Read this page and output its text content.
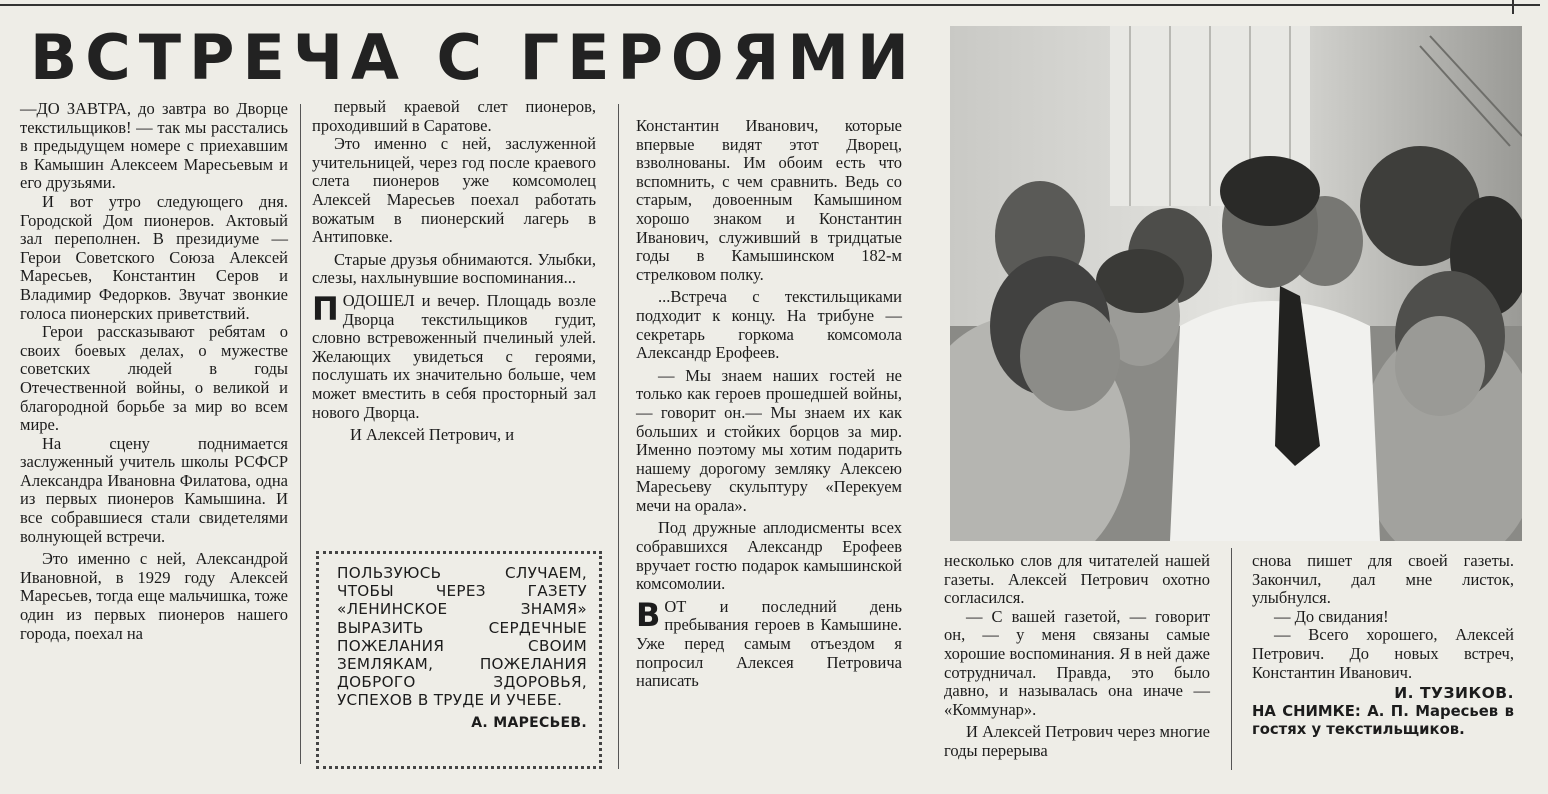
ВСТРЕЧА С ГЕРОЯМИ

—ДО ЗАВТРА, до завтра во Дворце текстильщиков! — так мы расстались в предыдущем номере с приехавшим в Камышин Алексеем Маресьевым и его друзьями.

И вот утро следующего дня. Городской Дом пионеров. Актовый зал переполнен. В президиуме — Герои Советского Союза Алексей Маресьев, Константин Серов и Владимир Федорков. Звучат звонкие голоса пионерских приветствий.

Герои рассказывают ребятам о своих боевых делах, о мужестве советских людей в годы Отечественной войны, о великой и благородной борьбе за мир во всем мире.

На сцену поднимается заслуженный учитель школы РСФСР Александра Ивановна Филатова, одна из первых пионеров Камышина. И все собравшиеся стали свидетелями волнующей встречи.

Это именно с ней, Александрой Ивановной, в 1929 году Алексей Маресьев, тогда еще мальчишка, тоже один из первых пионеров нашего города, поехал на

первый краевой слет пионеров, проходивший в Саратове.

Это именно с ней, заслуженной учительницей, через год после краевого слета пионеров уже комсомолец Алексей Маресьев поехал работать вожатым в пионерский лагерь в Антиповке.

Старые друзья обнимаются. Улыбки, слезы, нахлынувшие воспоминания...

ПОДОШЕЛ и вечер. Площадь возле Дворца текстильщиков гудит, словно встревоженный пчелиный улей. Желающих увидеться с героями, послушать их значительно больше, чем может вместить в себя просторный зал нового Дворца.

И Алексей Петрович, и

ПОЛЬЗУЮСЬ СЛУЧАЕМ, ЧТОБЫ ЧЕРЕЗ ГАЗЕТУ «ЛЕНИНСКОЕ ЗНАМЯ» ВЫРАЗИТЬ СЕРДЕЧНЫЕ ПОЖЕЛАНИЯ СВОИМ ЗЕМЛЯКАМ, ПОЖЕЛАНИЯ ДОБРОГО ЗДОРОВЬЯ, УСПЕХОВ В ТРУДЕ И УЧЕБЕ.
А. МАРЕСЬЕВ.

Константин Иванович, которые впервые видят этот Дворец, взволнованы. Им обоим есть что вспомнить, с чем сравнить. Ведь со старым, довоенным Камышином хорошо знаком и Константин Иванович, служивший в тридцатые годы в Камышинском 182-м стрелковом полку.

...Встреча с текстильщиками подходит к концу. На трибуне — секретарь горкома комсомола Александр Ерофеев.

— Мы знаем наших гостей не только как героев прошедшей войны, — говорит он.— Мы знаем их как больших и стойких борцов за мир. Именно поэтому мы хотим подарить нашему дорогому земляку Алексею Маресьеву скульптуру «Перекуем мечи на орала».

Под дружные аплодисменты всех собравшихся Александр Ерофеев вручает гостю подарок камышинской комсомолии.

ВОТ и последний день пребывания героев в Камышине. Уже перед самым отъездом я попросил Алексея Петровича написать

несколько слов для читателей нашей газеты. Алексей Петрович охотно согласился.

— С вашей газетой, — говорит он, — у меня связаны самые хорошие воспоминания. Я в ней даже сотрудничал. Правда, это было давно, и называлась она иначе — «Коммунар».

И Алексей Петрович через многие годы перерыва

снова пишет для своей газеты. Закончил, дал мне листок, улыбнулся.

— До свидания!

— Всего хорошего, Алексей Петрович. До новых встреч, Константин Иванович.

И. ТУЗИКОВ.
НА СНИМКЕ: А. П. Маресьев в гостях у текстильщиков.
